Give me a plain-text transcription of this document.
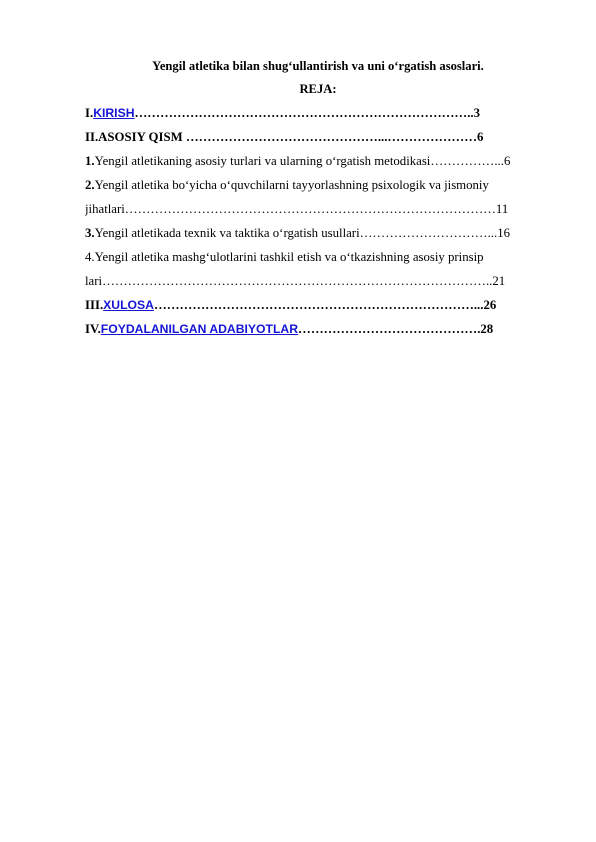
Yengil atletika bilan shug‘ullantirish va uni o‘rgatish asoslari.
REJA:
I.KIRISH……………………………………………………………………..3
II.ASOSIY QISM ………………………………………...…………………6
1.Yengil atletikaning asosiy turlari va ularning o‘rgatish metodikasi……………...6
2.Yengil atletika bo‘yicha o‘quvchilarni tayyorlashning psixologik va jismoniy
jihatlari……………………………………………………………………………11
3.Yengil atletikada texnik va taktika o‘rgatish usullari…………………………...16
4.Yengil atletika mashg‘ulotlarini tashkil etish va o‘tkazishning asosiy prinsip
lari………………………………………………………………………………..21
III.XULOSA…………………………………………………………………...26
IV.FOYDALANILGAN ADABIYOTLAR…………………………………….28
